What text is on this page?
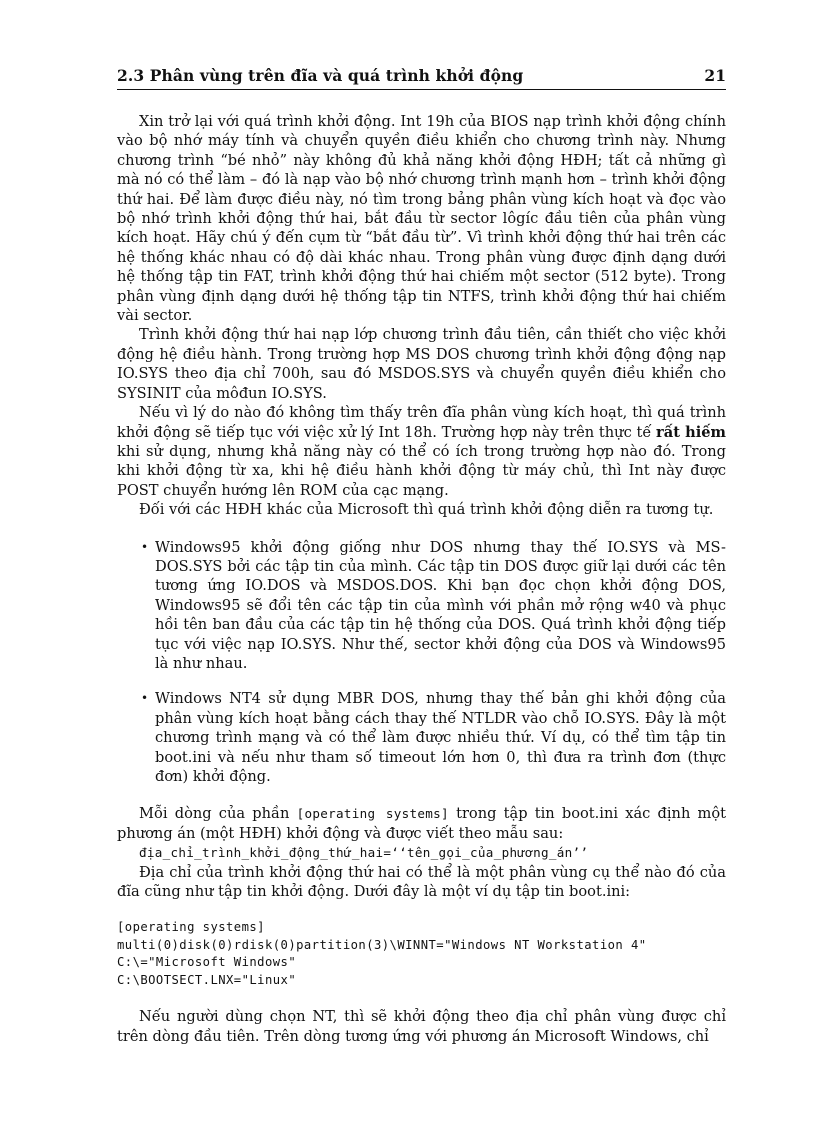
2.3 Phân vùng trên đĩa và quá trình khởi động	21

Xin trở lại với quá trình khởi động. Int 19h của BIOS nạp trình khởi động chính vào bộ nhớ máy tính và chuyển quyền điều khiển cho chương trình này. Nhưng chương trình “bé nhỏ” này không đủ khả năng khởi động HĐH; tất cả những gì mà nó có thể làm – đó là nạp vào bộ nhớ chương trình mạnh hơn – trình khởi động thứ hai. Để làm được điều này, nó tìm trong bảng phân vùng kích hoạt và đọc vào bộ nhớ trình khởi động thứ hai, bắt đầu từ sector lôgíc đầu tiên của phân vùng kích hoạt. Hãy chú ý đến cụm từ “bắt đầu từ”. Vì trình khởi động thứ hai trên các hệ thống khác nhau có độ dài khác nhau. Trong phân vùng được định dạng dưới hệ thống tập tin FAT, trình khởi động thứ hai chiếm một sector (512 byte). Trong phân vùng định dạng dưới hệ thống tập tin NTFS, trình khởi động thứ hai chiếm vài sector.

Trình khởi động thứ hai nạp lớp chương trình đầu tiên, cần thiết cho việc khởi động hệ điều hành. Trong trường hợp MS DOS chương trình khởi động động nạp IO.SYS theo địa chỉ 700h, sau đó MSDOS.SYS và chuyển quyền điều khiển cho SYSINIT của môđun IO.SYS.

Nếu vì lý do nào đó không tìm thấy trên đĩa phân vùng kích hoạt, thì quá trình khởi động sẽ tiếp tục với việc xử lý Int 18h. Trường hợp này trên thực tế rất hiếm khi sử dụng, nhưng khả năng này có thể có ích trong trường hợp nào đó. Trong khi khởi động từ xa, khi hệ điều hành khởi động từ máy chủ, thì Int này được POST chuyển hướng lên ROM của cạc mạng.

Đối với các HĐH khác của Microsoft thì quá trình khởi động diễn ra tương tự.

• Windows95 khởi động giống như DOS nhưng thay thế IO.SYS và MS-DOS.SYS bởi các tập tin của mình. Các tập tin DOS được giữ lại dưới các tên tương ứng IO.DOS và MSDOS.DOS. Khi bạn đọc chọn khởi động DOS, Windows95 sẽ đổi tên các tập tin của mình với phần mở rộng w40 và phục hồi tên ban đầu của các tập tin hệ thống của DOS. Quá trình khởi động tiếp tục với việc nạp IO.SYS. Như thế, sector khởi động của DOS và Windows95 là như nhau.
• Windows NT4 sử dụng MBR DOS, nhưng thay thế bản ghi khởi động của phân vùng kích hoạt bằng cách thay thế NTLDR vào chỗ IO.SYS. Đây là một chương trình mạng và có thể làm được nhiều thứ. Ví dụ, có thể tìm tập tin boot.ini và nếu như tham số timeout lớn hơn 0, thì đưa ra trình đơn (thực đơn) khởi động.

Mỗi dòng của phần [operating systems] trong tập tin boot.ini xác định một phương án (một HĐH) khởi động và được viết theo mẫu sau:

địa_chỉ_trình_khởi_động_thứ_hai=‘‘tên_gọi_của_phương_án’’

Địa chỉ của trình khởi động thứ hai có thể là một phân vùng cụ thể nào đó của đĩa cũng như tập tin khởi động. Dưới đây là một ví dụ tập tin boot.ini:

[operating systems]
multi(0)disk(0)rdisk(0)partition(3)\WINNT="Windows NT Workstation 4"
C:\="Microsoft Windows"
C:\BOOTSECT.LNX="Linux"

Nếu người dùng chọn NT, thì sẽ khởi động theo địa chỉ phân vùng được chỉ trên dòng đầu tiên. Trên dòng tương ứng với phương án Microsoft Windows, chỉ
